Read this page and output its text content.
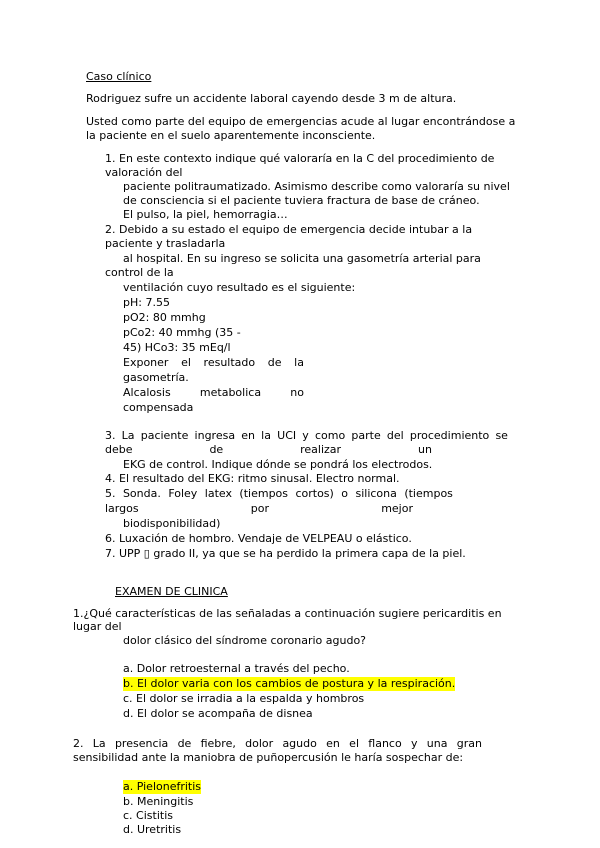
Caso clínico
Rodriguez sufre un accidente laboral cayendo desde 3 m de altura.
Usted como parte del equipo de emergencias acude al lugar encontrándose a
la paciente en el suelo aparentemente inconsciente.
1. En este contexto indique qué valoraría en la C del procedimiento de
valoración del
paciente politraumatizado. Asimismo describe como valoraría su nivel
de consciencia si el paciente tuviera fractura de base de cráneo.
El pulso, la piel, hemorragia…
2. Debido a su estado el equipo de emergencia decide intubar a la
paciente y trasladarla
al hospital. En su ingreso se solicita una gasometría arterial para
control de la
ventilación cuyo resultado es el siguiente:
pH: 7.55
pO2: 80 mmhg
pCo2: 40 mmhg (35 -
45) HCo3: 35 mEq/l
Exponer el resultado de la
gasometría.
Alcalosis	metabolica	no
compensada
3. La paciente ingresa en la UCI y como parte del procedimiento se
debe	de	realizar	un
EKG de control. Indique dónde se pondrá los electrodos.
4. El resultado del EKG: ritmo sinusal. Electro normal.
5. Sonda. Foley latex (tiempos cortos) o silicona (tiempos
largos	por	mejor
biodisponibilidad)
6. Luxación de hombro. Vendaje de VELPEAU o elástico.
7. UPP ▯ grado II, ya que se ha perdido la primera capa de la piel.
EXAMEN DE CLINICA
1.¿Qué características de las señaladas a continuación sugiere pericarditis en
lugar del
dolor clásico del síndrome coronario agudo?
a. Dolor retroesternal a través del pecho.
b. El dolor varia con los cambios de postura y la respiración.
c. El dolor se irradia a la espalda y hombros
d. El dolor se acompaña de disnea
2. La presencia de fiebre, dolor agudo en el flanco y una gran
sensibilidad ante la maniobra de puñopercusión le haría sospechar de:
a. Pielonefritis
b. Meningitis
c. Cistitis
d. Uretritis
